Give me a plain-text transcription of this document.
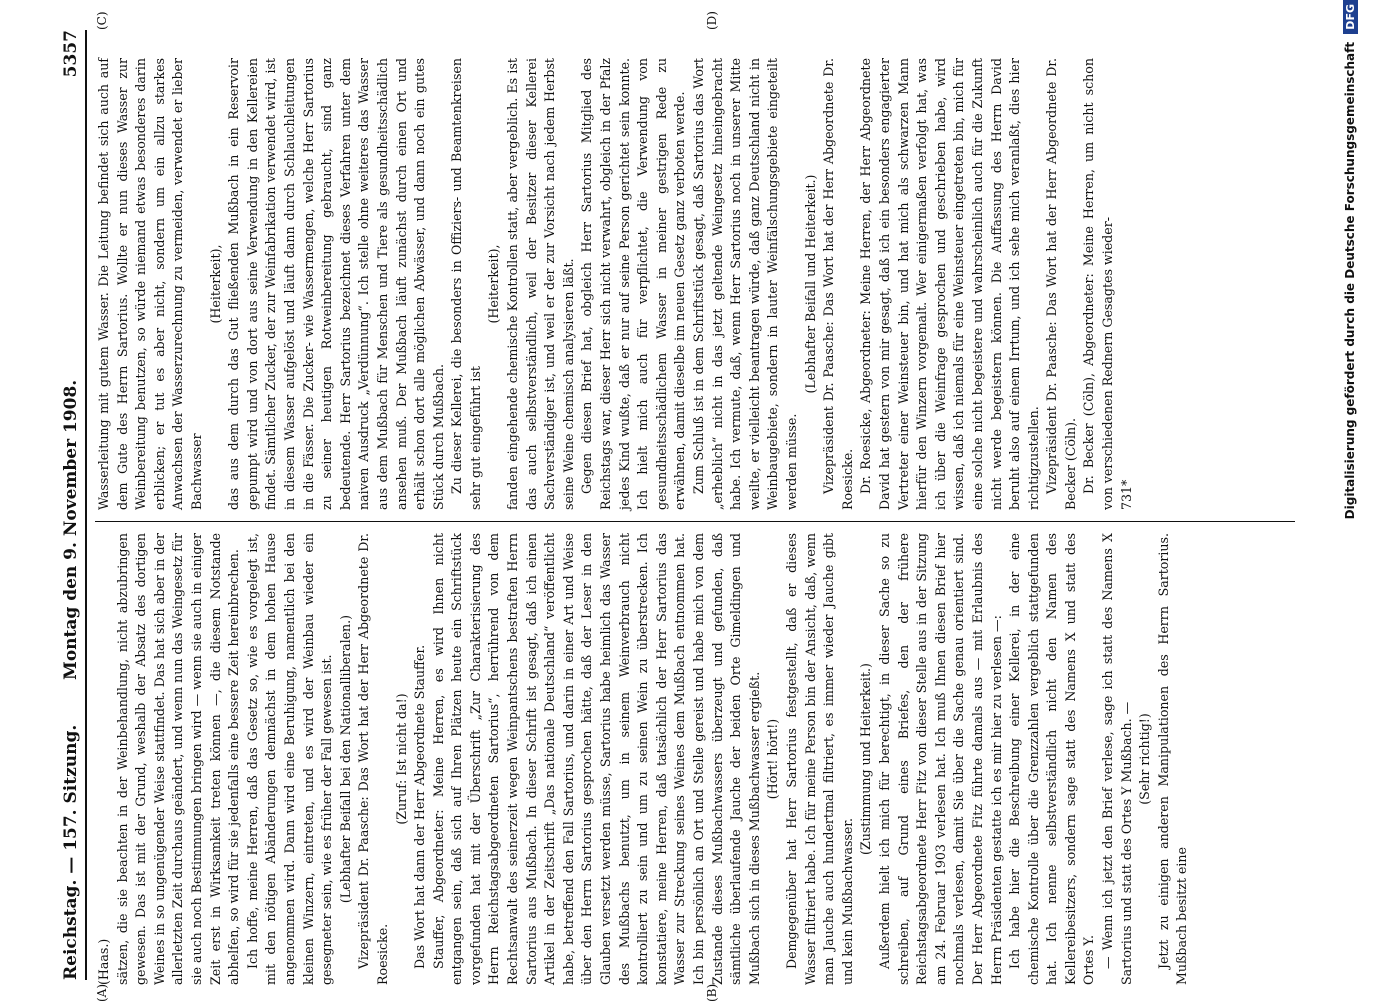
Reichstag. — 157. Sitzung.
Montag den 9. November 1908.
5357
(A)	(B)
(C)	(D)

(Haas.) sätzen, die sie beachten in der Weinbehandlung, nicht abzubringen gewesen. Das ist mit der Grund, weshalb der Absatz des dortigen Weines in so ungenügender Weise stattfindet. Das hat sich aber in der allerletzten Zeit durchaus geändert, und wenn nun das Weingesetz für sie auch noch Bestimmungen bringen wird — wenn sie auch in einiger Zeit erst in Wirksamkeit treten können —, die diesem Notstande abhelfen, so wird für sie jedenfalls eine bessere Zeit hereinbrechen. Ich hoffe, meine Herren, daß das Gesetz so, wie es vorgelegt ist, mit den nötigen Abänderungen demnächst in dem hohen Hause angenommen wird. Dann wird eine Beruhigung, namentlich bei den kleinen Winzern, eintreten, und es wird der Weinbau wieder ein gesegneter sein, wie es früher der Fall gewesen ist. (Lebhafter Beifall bei den Nationalliberalen.) Vizepräsident Dr. Paasche: Das Wort hat der Herr Abgeordnete Dr. Roesicke.

(Zuruf: Ist nicht da!) Das Wort hat dann der Herr Abgeordnete Stauffer. Stauffer, Abgeordneter: Meine Herren, es wird Ihnen nicht entgangen sein, daß sich auf Ihren Plätzen heute ein Schriftstück vorgefunden hat mit der Überschrift „Zur Charakterisierung des Herrn Reichstagsabgeordneten Sartorius“, herrührend von dem Rechtsanwalt des seinerzeit wegen Weinpantschens bestraften Herrn Sartorius aus Mußbach. In dieser Schrift ist gesagt, daß ich einen Artikel in der Zeitschrift „Das nationale Deutschland“ veröffentlicht habe, betreffend den Fall Sartorius, und darin in einer Art und Weise über den Herrn Sartorius gesprochen hätte, daß der Leser in den Glauben versetzt werden müsse, Sartorius habe heimlich das Wasser des Mußbachs benutzt, um in seinem Weinverbrauch nicht kontrolliert zu sein und um zu seinen Wein zu überstrecken. Ich konstatiere, meine Herren, daß tatsächlich der Herr Sartorius das Wasser zur Streckung seines Weines dem Mußbach entnommen hat. Ich bin persönlich an Ort und Stelle gereist und habe mich von dem Zustande dieses Mußbachwassers überzeugt und gefunden, daß sämtliche überlaufende Jauche der beiden Orte Gimeldingen und Mußbach sich in dieses Mußbachwasser ergießt. (Hört! hört!) Demgegenüber hat Herr Sartorius festgestellt, daß er dieses Wasser filtriert habe. Ich für meine Person bin der Ansicht, daß, wenn man Jauche auch hundertmal filtriert, es immer wieder Jauche gibt und kein Mußbachwasser.

(Zustimmung und Heiterkeit.) Außerdem hielt ich mich für berechtigt, in dieser Sache so zu schreiben, auf Grund eines Briefes, den der frühere Reichstagsabgeordnete Herr Fitz von dieser Stelle aus in der Sitzung am 24. Februar 1903 verlesen hat. Ich muß Ihnen diesen Brief hier nochmals verlesen, damit Sie über die Sache genau orientiert sind. Der Herr Abgeordnete Fitz führte damals aus — mit Erlaubnis des Herrn Präsidenten gestatte ich es mir hier zu verlesen —: Ich habe hier die Beschreibung einer Kellerei, in der eine chemische Kontrolle über die Grenzzahlen vergeblich stattgefunden hat. Ich nenne selbstverständlich nicht den Namen des Kellereibesitzers, sondern sage statt des Namens X und statt des Ortes Y. — Wenn ich jetzt den Brief verlese, sage ich statt des Namens X Sartorius und statt des Ortes Y Mußbach. — (Sehr richtig!) Jetzt zu einigen anderen Manipulationen des Herrn Sartorius. Mußbach besitzt eine

Wasserleitung mit gutem Wasser. Die Leitung befindet sich auch auf dem Gute des Herrn Sartorius. Wollte er nun dieses Wasser zur Weinbereitung benutzen, so würde niemand etwas besonderes darin erblicken; er tut es aber nicht, sondern um ein allzu starkes Anwachsen der Wasserzurechnung zu vermeiden, verwendet er lieber Bachwasser

(Heiterkeit), das aus dem durch das Gut fließenden Mußbach in ein Reservoir gepumpt wird und von dort aus seine Verwendung in den Kellereien findet. Sämtlicher Zucker, der zur Weinfabrikation verwendet wird, ist in diesem Wasser aufgelöst und läuft dann durch Schlauchleitungen in die Fässer. Die Zucker- wie Wassermengen, welche Herr Sartorius zu seiner heutigen Rotweinbereitung gebraucht, sind ganz bedeutende. Herr Sartorius bezeichnet dieses Verfahren unter dem naiven Ausdruck „Verdünnung“. Ich stelle ohne weiteres das Wasser aus dem Mußbach für Menschen und Tiere als gesundheitsschädlich ansehen muß. Der Mußbach läuft zunächst durch einen Ort und erhält schon dort alle möglichen Abwässer, und dann noch ein gutes Stück durch Mußbach. Zu dieser Kellerei, die besonders in Offiziers- und Beamtenkreisen sehr gut eingeführt ist

(Heiterkeit), fanden eingehende chemische Kontrollen statt, aber vergeblich. Es ist das auch selbstverständlich, weil der Besitzer dieser Kellerei Sachverständiger ist, und weil er der zur Vorsicht nach jedem Herbst seine Weine chemisch analysieren läßt. Gegen diesen Brief hat, obgleich Herr Sartorius Mitglied des Reichstags war, dieser Herr sich nicht verwahrt, obgleich in der Pfalz jedes Kind wußte, daß er nur auf seine Person gerichtet sein konnte. Ich hielt mich auch für verpflichtet, die Verwendung von gesundheitsschädlichem Wasser in meiner gestrigen Rede zu erwähnen, damit dieselbe im neuen Gesetz ganz verboten werde. Zum Schluß ist in dem Schriftstück gesagt, daß Sartorius das Wort „erheblich“ nicht in das jetzt geltende Weingesetz hineingebracht habe. Ich vermute, daß, wenn Herr Sartorius noch in unserer Mitte weilte, er vielleicht beantragen würde, daß ganz Deutschland nicht in Weinbaugebiete, sondern in lauter Weinfälschungsgebiete eingeteilt werden müsse.

(Lebhafter Beifall und Heiterkeit.) Vizepräsident Dr. Paasche: Das Wort hat der Herr Abgeordnete Dr. Roesicke. Dr. Roesicke, Abgeordneter: Meine Herren, der Herr Abgeordnete David hat gestern von mir gesagt, daß ich ein besonders engagierter Vertreter einer Weinsteuer bin, und hat mich als schwarzen Mann hierfür den Winzern vorgemalt. Wer einigermaßen verfolgt hat, was ich über die Weinfrage gesprochen und geschrieben habe, wird wissen, daß ich niemals für eine Weinsteuer eingetreten bin, mich für eine solche nicht begeistere und wahrscheinlich auch für die Zukunft nicht werde begeistern können. Die Auffassung des Herrn David beruht also auf einem Irrtum, und ich sehe mich veranlaßt, dies hier richtigzustellen. Vizepräsident Dr. Paasche: Das Wort hat der Herr Abgeordnete Dr. Becker (Cöln). Dr. Becker (Cöln), Abgeordneter: Meine Herren, um nicht schon von verschiedenen Rednern Gesagtes wieder- 731*	Digitalisierung gefördert durch die Deutsche Forschungsgemeinschaft DFG
